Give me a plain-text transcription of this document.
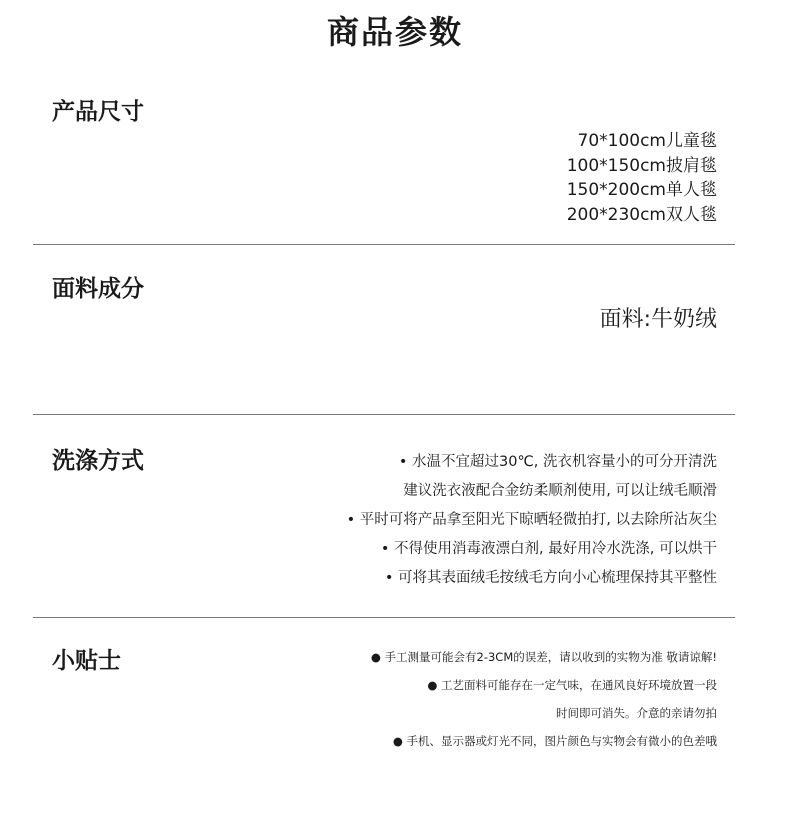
商品参数
产品尺寸
70*100cm儿童毯
100*150cm披肩毯
150*200cm单人毯
200*230cm双人毯
面料成分
面料:牛奶绒
洗涤方式	• 水温不宜超过30℃, 洗衣机容量小的可分开清洗
建议洗衣液配合金纺柔顺剂使用, 可以让绒毛顺滑
• 平时可将产品拿至阳光下晾晒轻微拍打, 以去除所沾灰尘
• 不得使用消毒液漂白剂, 最好用冷水洗涤, 可以烘干
• 可将其表面绒毛按绒毛方向小心梳理保持其平整性
小贴士	● 手工测量可能会有2-3CM的误差，请以收到的实物为准 敬请谅解!
● 工艺面料可能存在一定气味，在通风良好环境放置一段
时间即可消失。介意的亲请勿拍
● 手机、显示器或灯光不同，图片颜色与实物会有微小的色差哦
